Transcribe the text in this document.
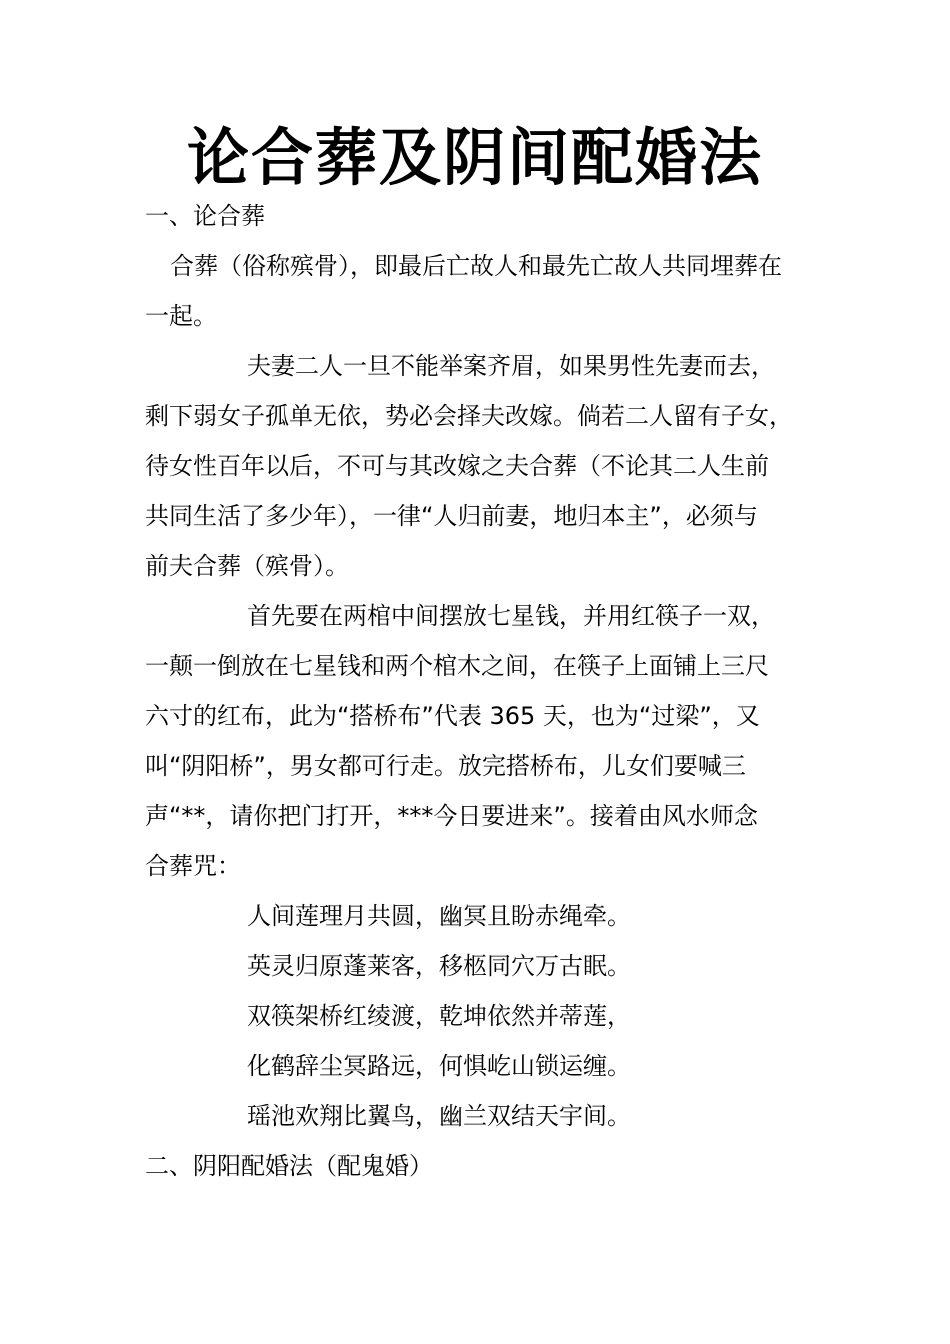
论合葬及阴间配婚法
一、论合葬
合葬（俗称殡骨），即最后亡故人和最先亡故人共同埋葬在
一起。
夫妻二人一旦不能举案齐眉，如果男性先妻而去，
剩下弱女子孤单无依，势必会择夫改嫁。倘若二人留有子女，
待女性百年以后，不可与其改嫁之夫合葬（不论其二人生前
共同生活了多少年），一律“人归前妻，地归本主”，必须与
前夫合葬（殡骨）。
首先要在两棺中间摆放七星钱，并用红筷子一双，
一颠一倒放在七星钱和两个棺木之间，在筷子上面铺上三尺
六寸的红布，此为“搭桥布”代表 365 天，也为“过梁”，又
叫“阴阳桥”，男女都可行走。放完搭桥布，儿女们要喊三
声“**，请你把门打开，***今日要进来”。接着由风水师念
合葬咒：
人间莲理月共圆，幽冥且盼赤绳牵。
英灵归原蓬莱客，移柩同穴万古眠。
双筷架桥红绫渡，乾坤依然并蒂莲，
化鹤辞尘冥路远，何惧屹山锁运缠。
瑶池欢翔比翼鸟，幽兰双结天宇间。
二、阴阳配婚法（配鬼婚）
